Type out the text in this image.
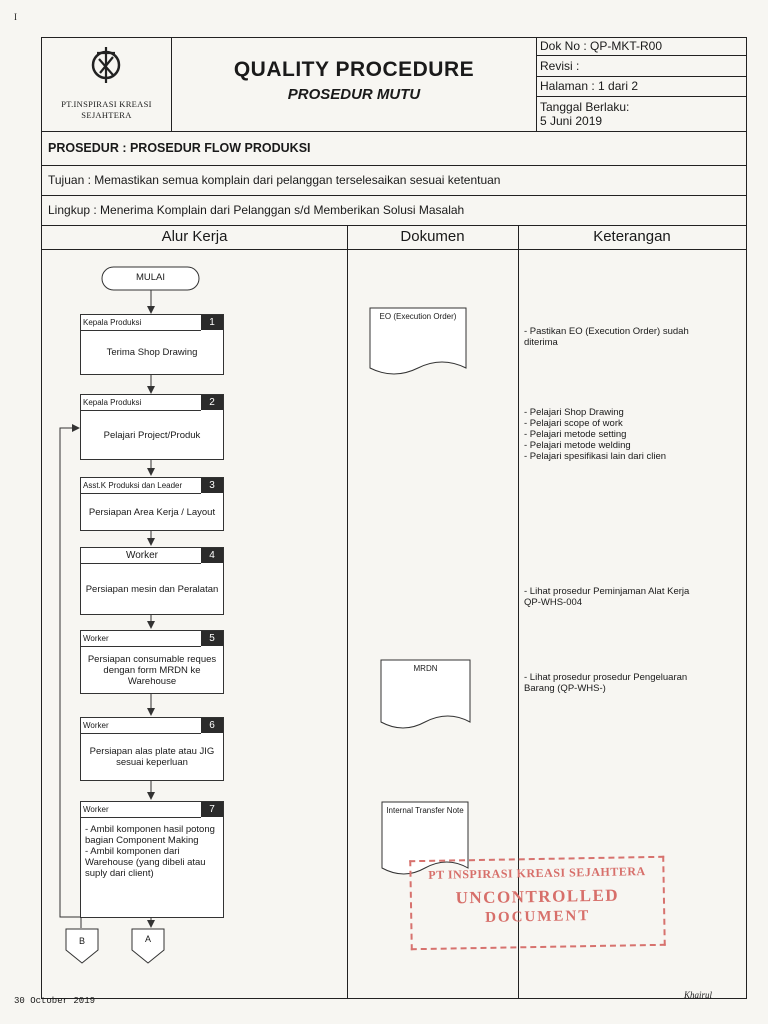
I
PT.INSPIRASI KREASI
SEJAHTERA
QUALITY PROCEDURE
PROSEDUR MUTU
Dok No : QP-MKT-R00
Revisi :
Halaman : 1 dari 2
Tanggal Berlaku:
5 Juni 2019
PROSEDUR : PROSEDUR FLOW PRODUKSI
Tujuan : Memastikan semua komplain dari pelanggan terselesaikan sesuai ketentuan
Lingkup : Menerima Komplain dari Pelanggan s/d Memberikan Solusi Masalah
Alur Kerja	Dokumen	Keterangan
MULAI
B	A
Kepala Produksi	1
Terima Shop Drawing
Kepala Produksi	2
Pelajari Project/Produk
Asst.K Produksi dan Leader	3
Persiapan Area Kerja / Layout
Worker	4
Persiapan mesin dan Peralatan
Worker	5
Persiapan consumable reques dengan form MRDN ke Warehouse
Worker	6
Persiapan alas plate atau JIG sesuai keperluan
Worker	7
- Ambil komponen hasil potong bagian Component Making
- Ambil komponen dari Warehouse (yang dibeli atau suply dari client)
EO (Execution Order)
MRDN
Internal Transfer Note
- Pastikan EO (Execution Order) sudah
diterima
- Pelajari Shop Drawing
- Pelajari scope of work
- Pelajari metode setting
- Pelajari metode welding
- Pelajari spesifikasi lain dari clien
- Lihat prosedur Peminjaman Alat Kerja
QP-WHS-004
- Lihat prosedur prosedur Pengeluaran
Barang (QP-WHS-)
PT INSPIRASI KREASI SEJAHTERA
UNCONTROLLED
DOCUMENT
30 October 2019
Khairul
